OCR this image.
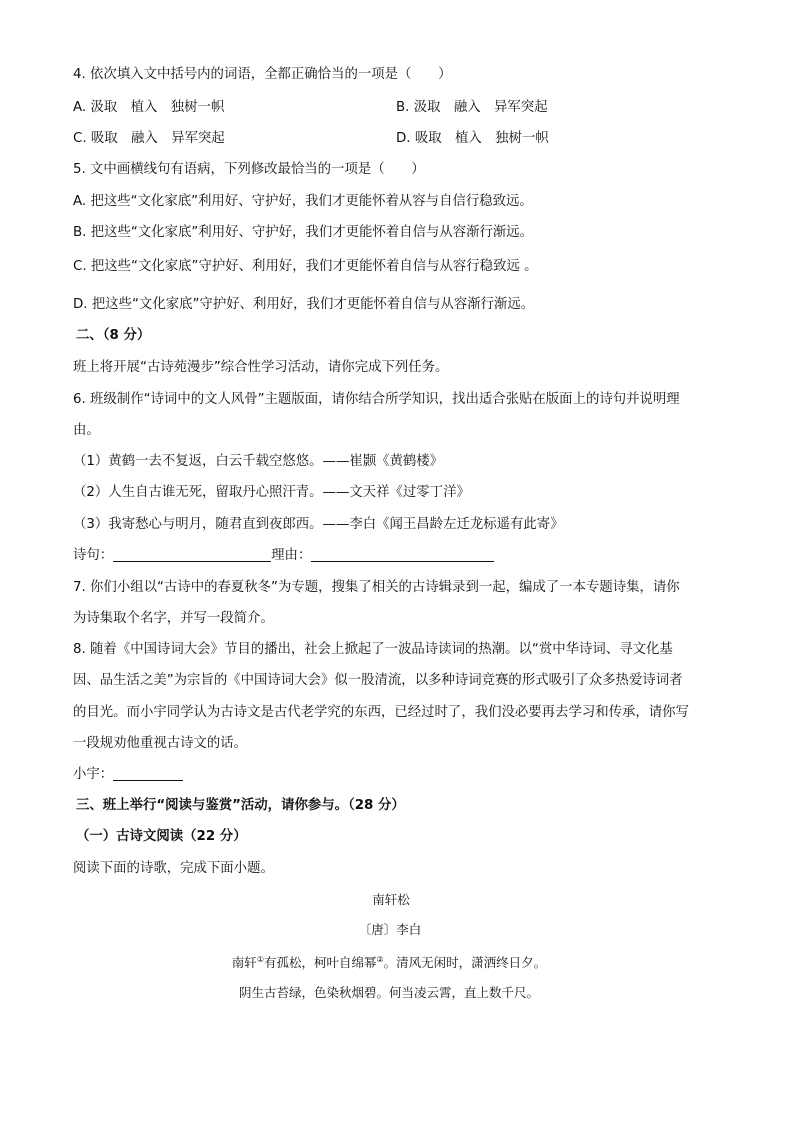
4. 依次填入文中括号内的词语，全都正确恰当的一项是（　　）
A. 汲取　植入　独树一帜	B. 汲取　融入　异军突起
C. 吸取　融入　异军突起	D. 吸取　植入　独树一帜
5. 文中画横线句有语病，下列修改最恰当的一项是（　　）
A. 把这些“文化家底”利用好、守护好，我们才更能怀着从容与自信行稳致远。
B. 把这些“文化家底”利用好、守护好，我们才更能怀着自信与从容渐行渐远。
C. 把这些“文化家底”守护好、利用好，我们才更能怀着自信与从容行稳致远 。
D. 把这些“文化家底”守护好、利用好，我们才更能怀着自信与从容渐行渐远。
二、（8 分）
班上将开展“古诗苑漫步”综合性学习活动，请你完成下列任务。
6. 班级制作“诗词中的文人风骨”主题版面，请你结合所学知识，找出适合张贴在版面上的诗句并说明理
由。
（1）黄鹤一去不复返，白云千载空悠悠。——崔颢《黄鹤楼》
（2）人生自古谁无死，留取丹心照汗青。——文天祥《过零丁洋》
（3）我寄愁心与明月，随君直到夜郎西。——李白《闻王昌龄左迁龙标遥有此寄》
诗句：	理由：
7. 你们小组以“古诗中的春夏秋冬”为专题，搜集了相关的古诗辑录到一起，编成了一本专题诗集，请你
为诗集取个名字，并写一段简介。
8. 随着《中国诗词大会》节目的播出，社会上掀起了一波品诗读词的热潮。以“赏中华诗词、寻文化基
因、品生活之美”为宗旨的《中国诗词大会》似一股清流，以多种诗词竞赛的形式吸引了众多热爱诗词者
的目光。而小宇同学认为古诗文是古代老学究的东西，已经过时了，我们没必要再去学习和传承，请你写
一段规劝他重视古诗文的话。
小宇：
三、班上举行“阅读与鉴赏”活动，请你参与。（28 分）
（一）古诗文阅读（22 分）
阅读下面的诗歌，完成下面小题。
南轩松
〔唐〕李白
南轩①有孤松，柯叶自绵幂②。清风无闲时，潇洒终日夕。
阴生古苔绿，色染秋烟碧。何当凌云霄，直上数千尺。
